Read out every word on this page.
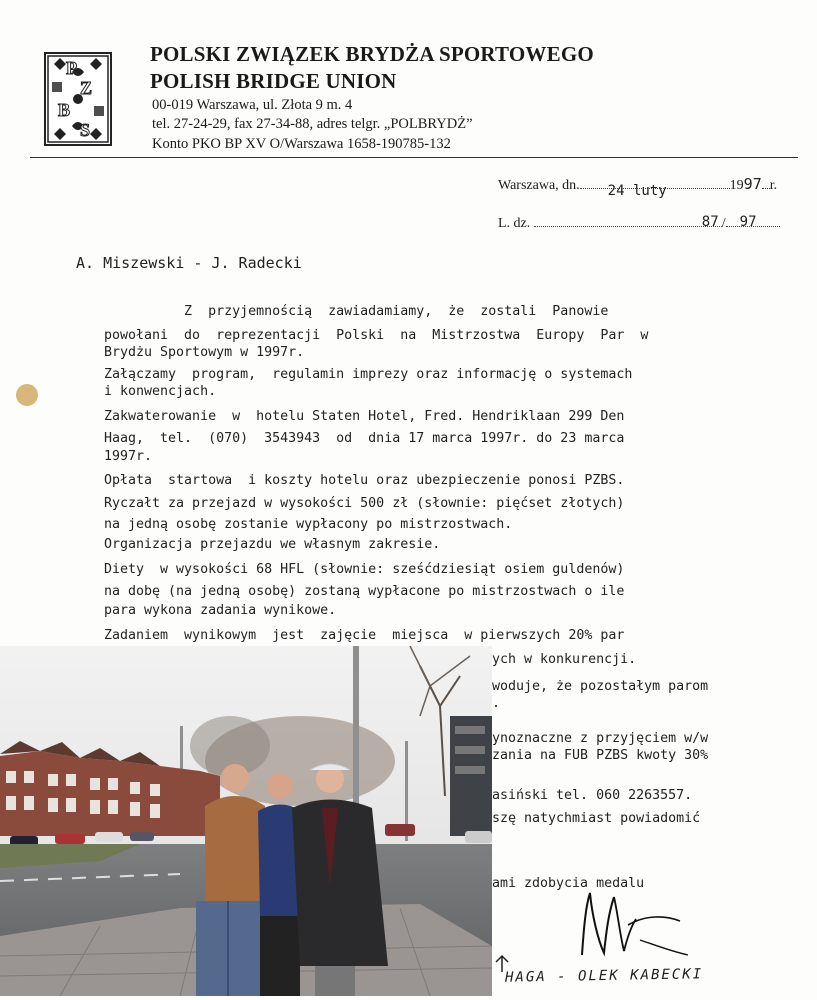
P
Z
B
S
POLSKI ZWIĄZEK BRYDŻA SPORTOWEGO
POLISH BRIDGE UNION
00-019 Warszawa, ul. Złota 9 m. 4
tel. 27-24-29, fax 27-34-88, adres telgr. „POLBRYDŻ”
Konto PKO BP XV O/Warszawa 1658-190785-132
Warszawa, dn. 24 luty	1997 r.
L. dz.	87 / 97
A. Miszewski - J. Radecki
Z  przyjemnością  zawiadamiamy,  że  zostali  Panowie
powołani  do  reprezentacji  Polski  na  Mistrzostwa  Europy  Par  w
Brydżu Sportowym w 1997r.
Załączamy  program,  regulamin imprezy oraz informację o systemach
i konwencjach.
Zakwaterowanie  w  hotelu Staten Hotel, Fred. Hendriklaan 299 Den
Haag,  tel.  (070)  3543943  od  dnia 17 marca 1997r. do 23 marca
1997r.
Opłata  startowa  i koszty hotelu oraz ubezpieczenie ponosi PZBS.
Ryczałt za przejazd w wysokości 500 zł (słownie: pięćset złotych)
na jedną osobę zostanie wypłacony po mistrzostwach.
Organizacja przejazdu we własnym zakresie.
Diety  w wysokości 68 HFL (słownie: sześćdziesiąt osiem guldenów)
na dobę (na jedną osobę) zostaną wypłacone po mistrzostwach o ile
para wykona zadania wynikowe.
Zadaniem  wynikowym  jest  zajęcie  miejsca  w pierwszych 20% par
ych w konkurencji.
woduje, że pozostałym parom
.
ynoznaczne z przyjęciem w/w
zania na FUB PZBS kwoty 30%
asiński tel. 060 2263557.
szę natychmiast powiadomić
ami zdobycia medalu
HAGA - OLEK KABECKI
